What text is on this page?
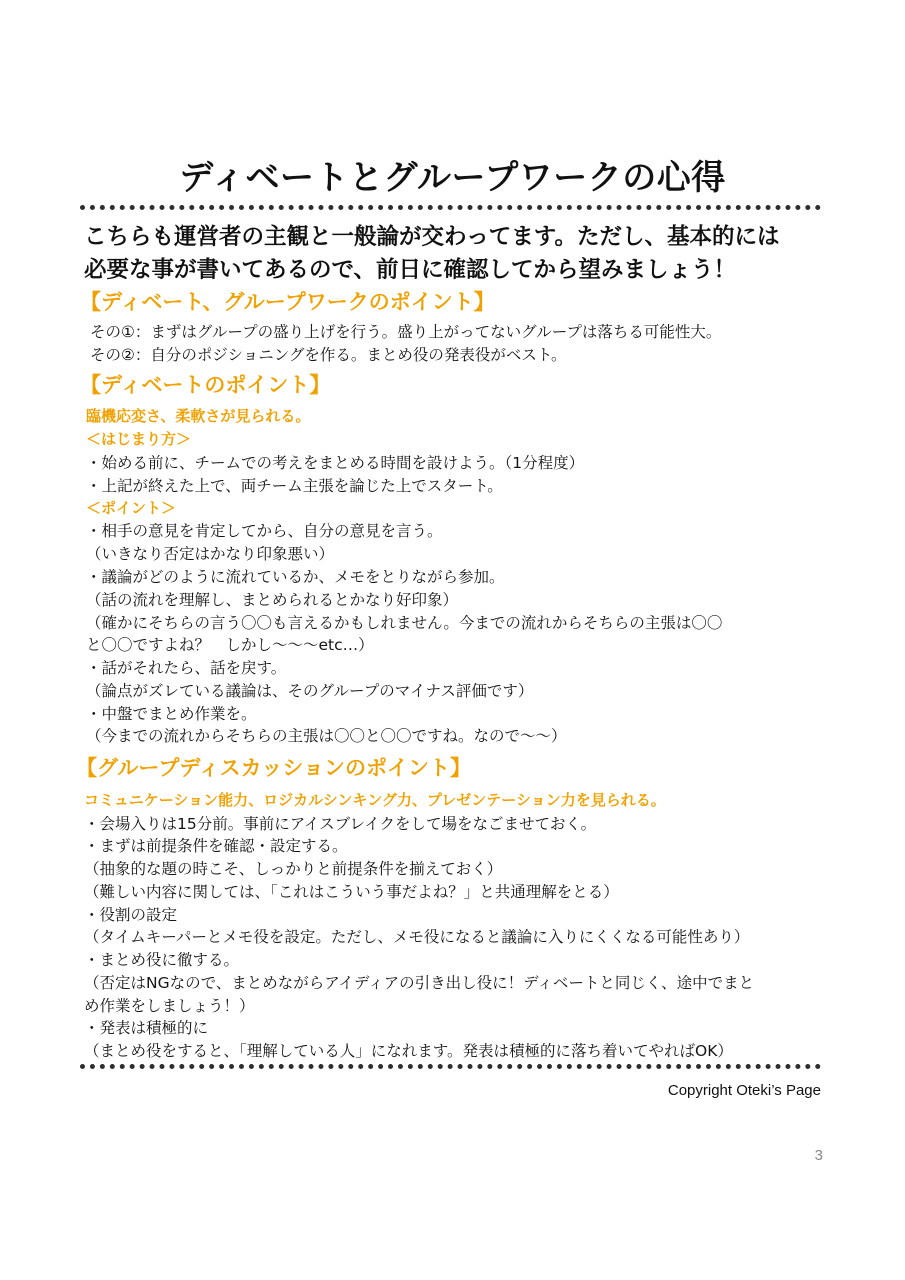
ディベートとグループワークの心得
こちらも運営者の主観と一般論が交わってます。ただし、基本的には
必要な事が書いてあるので、前日に確認してから望みましょう！
【ディベート、グループワークのポイント】
その①：まずはグループの盛り上げを行う。盛り上がってないグループは落ちる可能性大。
その②：自分のポジショニングを作る。まとめ役の発表役がベスト。
【ディベートのポイント】
臨機応変さ、柔軟さが見られる。
＜はじまり方＞
・始める前に、チームでの考えをまとめる時間を設けよう。（1分程度）
・上記が終えた上で、両チーム主張を論じた上でスタート。
＜ポイント＞
・相手の意見を肯定してから、自分の意見を言う。
（いきなり否定はかなり印象悪い）
・議論がどのように流れているか、メモをとりながら参加。
（話の流れを理解し、まとめられるとかなり好印象）
（確かにそちらの言う〇〇も言えるかもしれません。今までの流れからそちらの主張は〇〇
と〇〇ですよね？　しかし～～～etc…）
・話がそれたら、話を戻す。
（論点がズレている議論は、そのグループのマイナス評価です）
・中盤でまとめ作業を。
（今までの流れからそちらの主張は〇〇と〇〇ですね。なので～～）
【グループディスカッションのポイント】
コミュニケーション能力、ロジカルシンキング力、プレゼンテーション力を見られる。
・会場入りは15分前。事前にアイスブレイクをして場をなごませておく。
・まずは前提条件を確認・設定する。
（抽象的な題の時こそ、しっかりと前提条件を揃えておく）
（難しい内容に関しては、「これはこういう事だよね？」と共通理解をとる）
・役割の設定
（タイムキーパーとメモ役を設定。ただし、メモ役になると議論に入りにくくなる可能性あり）
・まとめ役に徹する。
（否定はNGなので、まとめながらアイディアの引き出し役に！ディベートと同じく、途中でまと
め作業をしましょう！）
・発表は積極的に
（まとめ役をすると、「理解している人」になれます。発表は積極的に落ち着いてやればOK）
Copyright Oteki’s Page
3
